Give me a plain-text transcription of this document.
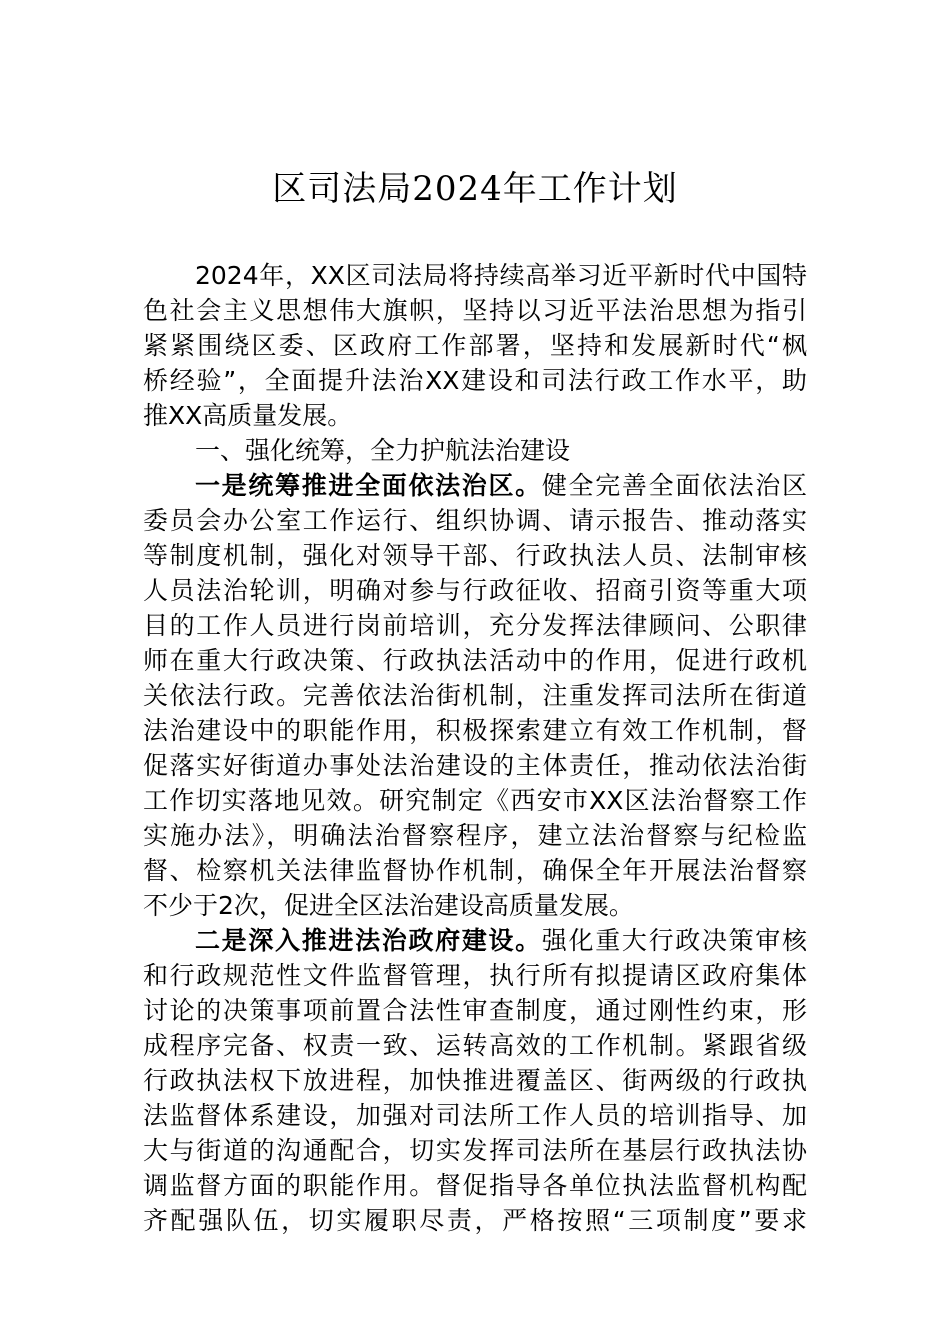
区司法局2024年工作计划
2024年，XX区司法局将持续高举习近平新时代中国特
色社会主义思想伟大旗帜，坚持以习近平法治思想为指引
紧紧围绕区委、区政府工作部署，坚持和发展新时代“枫
桥经验”，全面提升法治XX建设和司法行政工作水平，助
推XX高质量发展。
一、强化统筹，全力护航法治建设
一是统筹推进全面依法治区。健全完善全面依法治区
委员会办公室工作运行、组织协调、请示报告、推动落实
等制度机制，强化对领导干部、行政执法人员、法制审核
人员法治轮训，明确对参与行政征收、招商引资等重大项
目的工作人员进行岗前培训，充分发挥法律顾问、公职律
师在重大行政决策、行政执法活动中的作用，促进行政机
关依法行政。完善依法治街机制，注重发挥司法所在街道
法治建设中的职能作用，积极探索建立有效工作机制，督
促落实好街道办事处法治建设的主体责任，推动依法治街
工作切实落地见效。研究制定《西安市XX区法治督察工作
实施办法》，明确法治督察程序，建立法治督察与纪检监
督、检察机关法律监督协作机制，确保全年开展法治督察
不少于2次，促进全区法治建设高质量发展。
二是深入推进法治政府建设。强化重大行政决策审核
和行政规范性文件监督管理，执行所有拟提请区政府集体
讨论的决策事项前置合法性审查制度，通过刚性约束，形
成程序完备、权责一致、运转高效的工作机制。紧跟省级
行政执法权下放进程，加快推进覆盖区、街两级的行政执
法监督体系建设，加强对司法所工作人员的培训指导、加
大与街道的沟通配合，切实发挥司法所在基层行政执法协
调监督方面的职能作用。督促指导各单位执法监督机构配
齐配强队伍，切实履职尽责，严格按照“三项制度”要求
